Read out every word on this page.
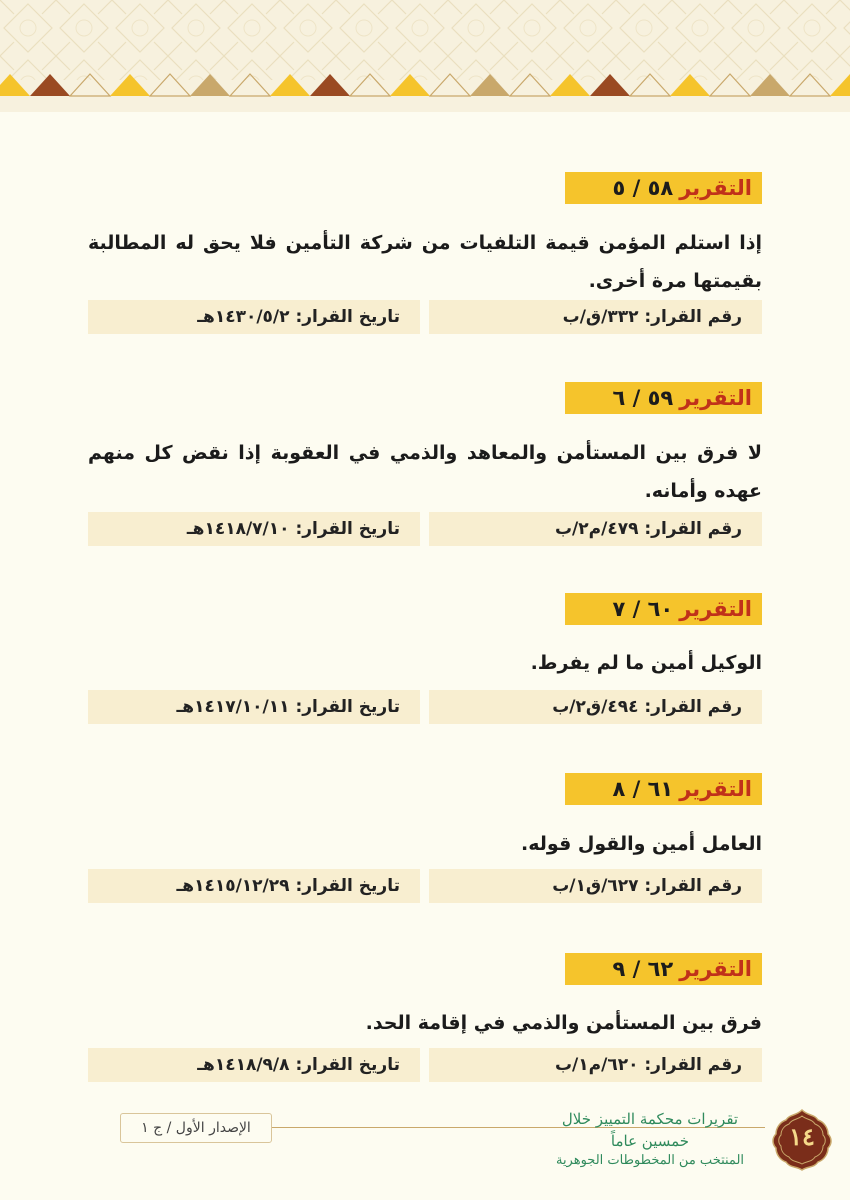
التقرير
٥٨ / ٥
إذا استلم المؤمن قيمة التلفيات من شركة التأمين فلا يحق له المطالبة بقيمتها مرة أخرى.
رقم القرار: ٣٣٢/ق/ب
تاريخ القرار: ١٤٣٠/٥/٢هـ
التقرير
٥٩ / ٦
لا فرق بين المستأمن والمعاهد والذمي في العقوبة إذا نقض كل منهم عهده وأمانه.
رقم القرار: ٤٧٩/م٢/ب
تاريخ القرار: ١٤١٨/٧/١٠هـ
التقرير
٦٠ / ٧
الوكيل أمين ما لم يفرط.
رقم القرار: ٤٩٤/ق٢/ب
تاريخ القرار: ١٤١٧/١٠/١١هـ
التقرير
٦١ / ٨
العامل أمين والقول قوله.
رقم القرار: ٦٢٧/ق١/ب
تاريخ القرار: ١٤١٥/١٢/٢٩هـ
التقرير
٦٢ / ٩
فرق بين المستأمن والذمي في إقامة الحد.
رقم القرار: ٦٢٠/م١/ب
تاريخ القرار: ١٤١٨/٩/٨هـ
الإصدار الأول / ج ١	تقريرات محكمة التمييز خلال خمسين عاماً
المنتخب من المخطوطات الجوهرية
١٤
